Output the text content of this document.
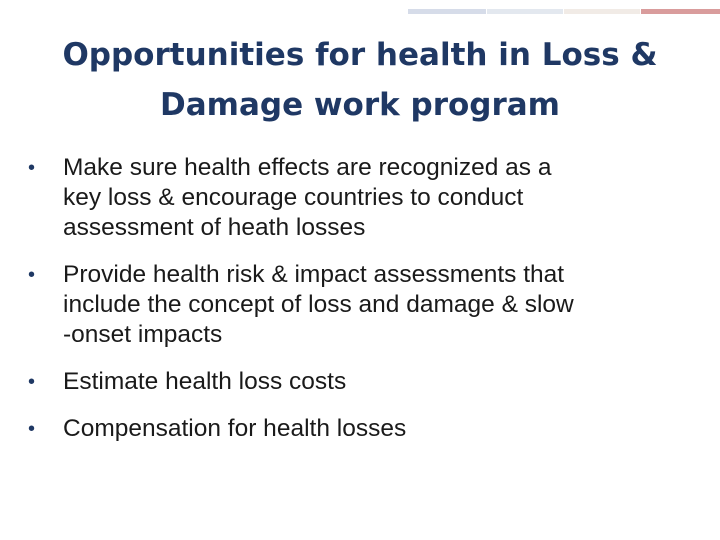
Opportunities for health in Loss &
Damage work program
•	Make sure health effects are recognized as a
key loss & encourage countries to conduct
assessment of heath losses
•	Provide health risk & impact assessments that
include the concept of loss and damage & slow
-onset impacts
•	Estimate health loss costs
•	Compensation for health losses
